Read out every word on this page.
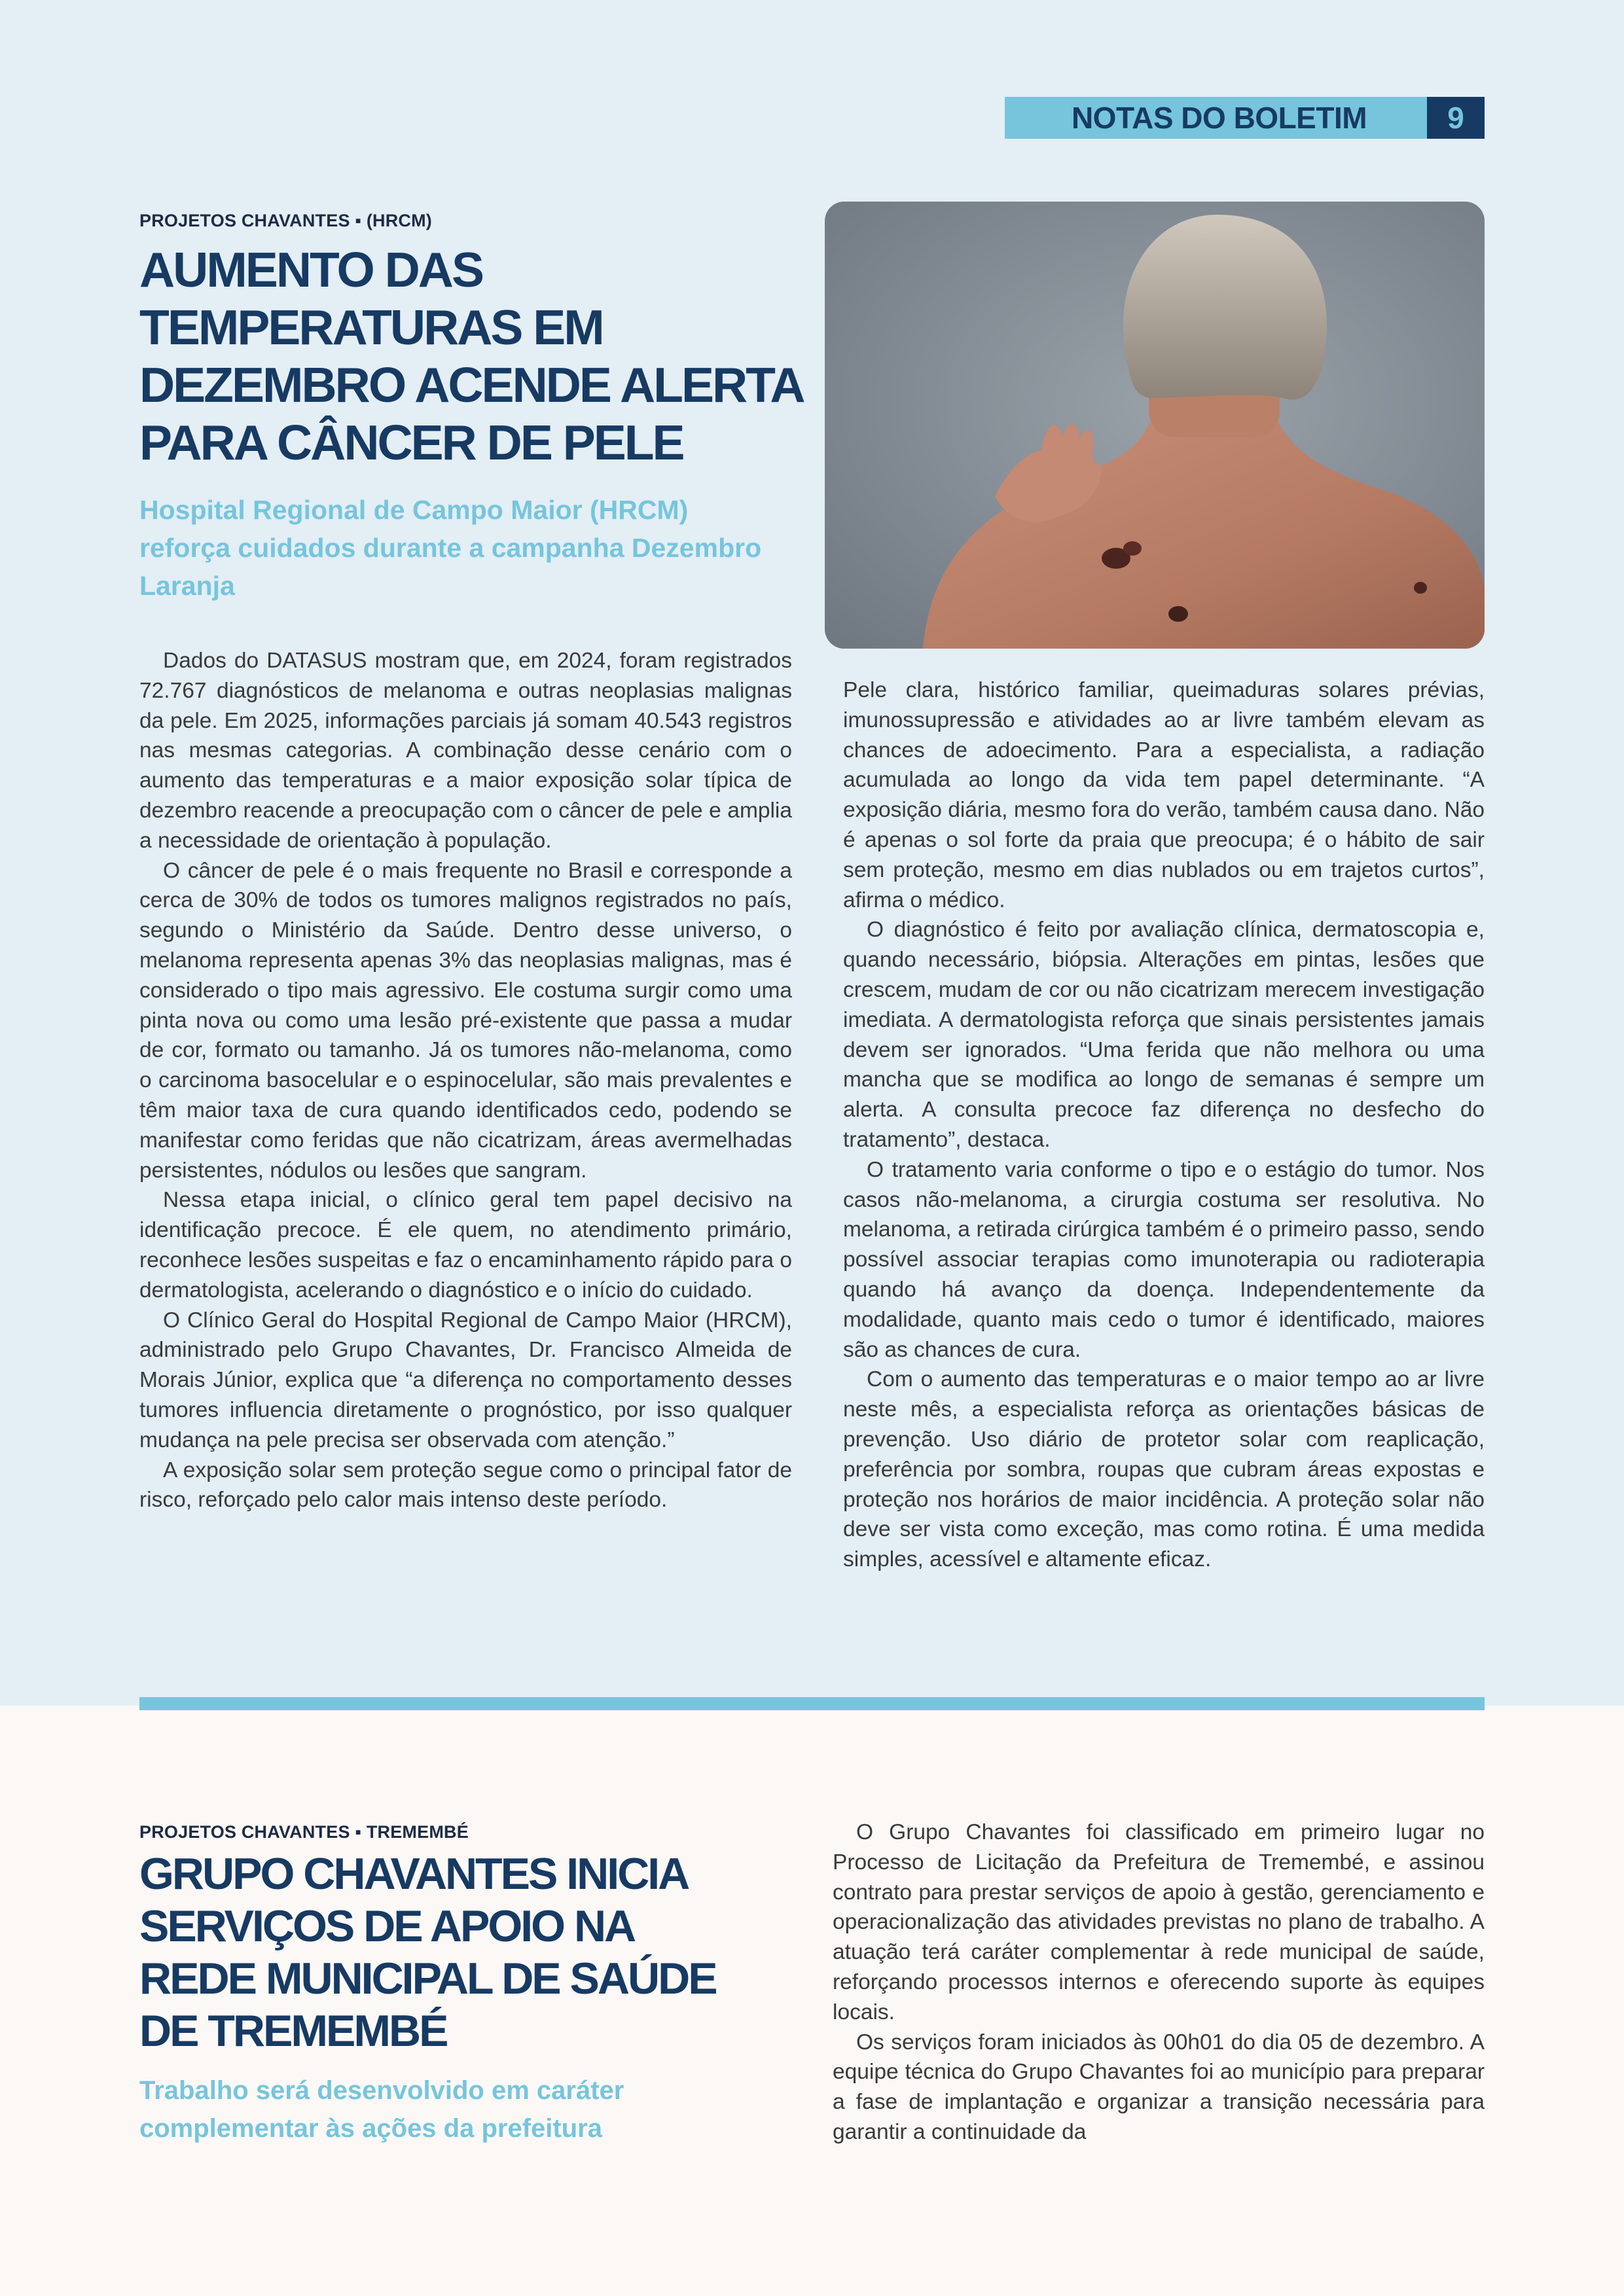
NOTAS DO BOLETIM	9
PROJETOS CHAVANTES ▪ (HRCM)
AUMENTO DAS
TEMPERATURAS EM
DEZEMBRO ACENDE ALERTA
PARA CÂNCER DE PELE
Hospital Regional de Campo Maior (HRCM)
reforça cuidados durante a campanha Dezembro
Laranja

Dados do DATASUS mostram que, em 2024, foram registrados 72.767 diagnósticos de melanoma e outras neoplasias malignas da pele. Em 2025, informações parciais já somam 40.543 registros nas mesmas categorias. A combinação desse cenário com o aumento das temperaturas e a maior exposição solar típica de dezembro reacende a preocupação com o câncer de pele e amplia a necessidade de orientação à população.

O câncer de pele é o mais frequente no Brasil e corresponde a cerca de 30% de todos os tumores malignos registrados no país, segundo o Ministério da Saúde. Dentro desse universo, o melanoma representa apenas 3% das neoplasias malignas, mas é considerado o tipo mais agressivo. Ele costuma surgir como uma pinta nova ou como uma lesão pré-existente que passa a mudar de cor, formato ou tamanho. Já os tumores não-melanoma, como o carcinoma basocelular e o espinocelular, são mais prevalentes e têm maior taxa de cura quando identificados cedo, podendo se manifestar como feridas que não cicatrizam, áreas avermelhadas persistentes, nódulos ou lesões que sangram.

Nessa etapa inicial, o clínico geral tem papel decisivo na identificação precoce. É ele quem, no atendimento primário, reconhece lesões suspeitas e faz o encaminhamento rápido para o dermatologista, acelerando o diagnóstico e o início do cuidado.

O Clínico Geral do Hospital Regional de Campo Maior (HRCM), administrado pelo Grupo Chavantes, Dr. Francisco Almeida de Morais Júnior, explica que “a diferença no comportamento desses tumores influencia diretamente o prognóstico, por isso qualquer mudança na pele precisa ser observada com atenção.”

A exposição solar sem proteção segue como o principal fator de risco, reforçado pelo calor mais intenso deste período.

Pele clara, histórico familiar, queimaduras solares prévias, imunossupressão e atividades ao ar livre também elevam as chances de adoecimento. Para a especialista, a radiação acumulada ao longo da vida tem papel determinante. “A exposição diária, mesmo fora do verão, também causa dano. Não é apenas o sol forte da praia que preocupa; é o hábito de sair sem proteção, mesmo em dias nublados ou em trajetos curtos”, afirma o médico.

O diagnóstico é feito por avaliação clínica, dermatoscopia e, quando necessário, biópsia. Alterações em pintas, lesões que crescem, mudam de cor ou não cicatrizam merecem investigação imediata. A dermatologista reforça que sinais persistentes jamais devem ser ignorados. “Uma ferida que não melhora ou uma mancha que se modifica ao longo de semanas é sempre um alerta. A consulta precoce faz diferença no desfecho do tratamento”, destaca.

O tratamento varia conforme o tipo e o estágio do tumor. Nos casos não-melanoma, a cirurgia costuma ser resolutiva. No melanoma, a retirada cirúrgica também é o primeiro passo, sendo possível associar terapias como imunoterapia ou radioterapia quando há avanço da doença. Independentemente da modalidade, quanto mais cedo o tumor é identificado, maiores são as chances de cura.

Com o aumento das temperaturas e o maior tempo ao ar livre neste mês, a especialista reforça as orientações básicas de prevenção. Uso diário de protetor solar com reaplicação, preferência por sombra, roupas que cubram áreas expostas e proteção nos horários de maior incidência. A proteção solar não deve ser vista como exceção, mas como rotina. É uma medida simples, acessível e altamente eficaz.

PROJETOS CHAVANTES ▪ TREMEMBÉ
GRUPO CHAVANTES INICIA
SERVIÇOS DE APOIO NA
REDE MUNICIPAL DE SAÚDE
DE TREMEMBÉ
Trabalho será desenvolvido em caráter
complementar às ações da prefeitura

O Grupo Chavantes foi classificado em primeiro lugar no Processo de Licitação da Prefeitura de Tremembé, e assinou contrato para prestar serviços de apoio à gestão, gerenciamento e operacionalização das atividades previstas no plano de trabalho. A atuação terá caráter complementar à rede municipal de saúde, reforçando processos internos e oferecendo suporte às equipes locais.

Os serviços foram iniciados às 00h01 do dia 05 de dezembro. A equipe técnica do Grupo Chavantes foi ao município para preparar a fase de implantação e organizar a transição necessária para garantir a continuidade da
